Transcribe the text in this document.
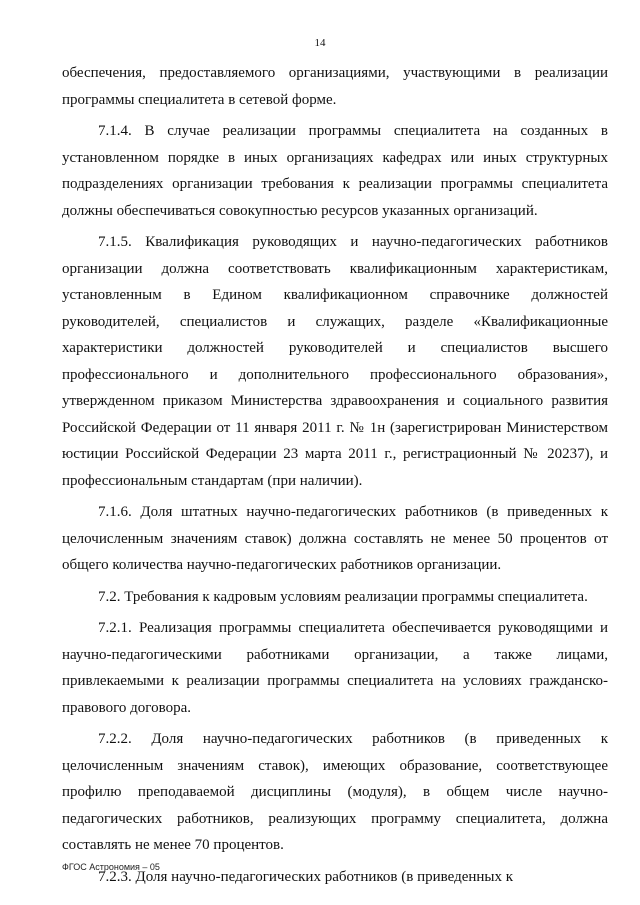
14

обеспечения, предоставляемого организациями, участвующими в реализации программы специалитета в сетевой форме.

7.1.4. В случае реализации программы специалитета на созданных в установленном порядке в иных организациях кафедрах или иных структурных подразделениях организации требования к реализации программы специалитета должны обеспечиваться совокупностью ресурсов указанных организаций.

7.1.5. Квалификация руководящих и научно-педагогических работников организации должна соответствовать квалификационным характеристикам, установленным в Едином квалификационном справочнике должностей руководителей, специалистов и служащих, разделе «Квалификационные характеристики должностей руководителей и специалистов высшего профессионального и дополнительного профессионального образования», утвержденном приказом Министерства здравоохранения и социального развития Российской Федерации от 11 января 2011 г. № 1н (зарегистрирован Министерством юстиции Российской Федерации 23 марта 2011 г., регистрационный № 20237), и профессиональным стандартам (при наличии).

7.1.6. Доля штатных научно-педагогических работников (в приведенных к целочисленным значениям ставок) должна составлять не менее 50 процентов от общего количества научно-педагогических работников организации.

7.2. Требования к кадровым условиям реализации программы специалитета.

7.2.1. Реализация программы специалитета обеспечивается руководящими и научно-педагогическими работниками организации, а также лицами, привлекаемыми к реализации программы специалитета на условиях гражданско-правового договора.

7.2.2. Доля научно-педагогических работников (в приведенных к целочисленным значениям ставок), имеющих образование, соответствующее профилю преподаваемой дисциплины (модуля), в общем числе научно-педагогических работников, реализующих программу специалитета, должна составлять не менее 70 процентов.

7.2.3. Доля научно-педагогических работников (в приведенных к

ФГОС Астрономия – 05
